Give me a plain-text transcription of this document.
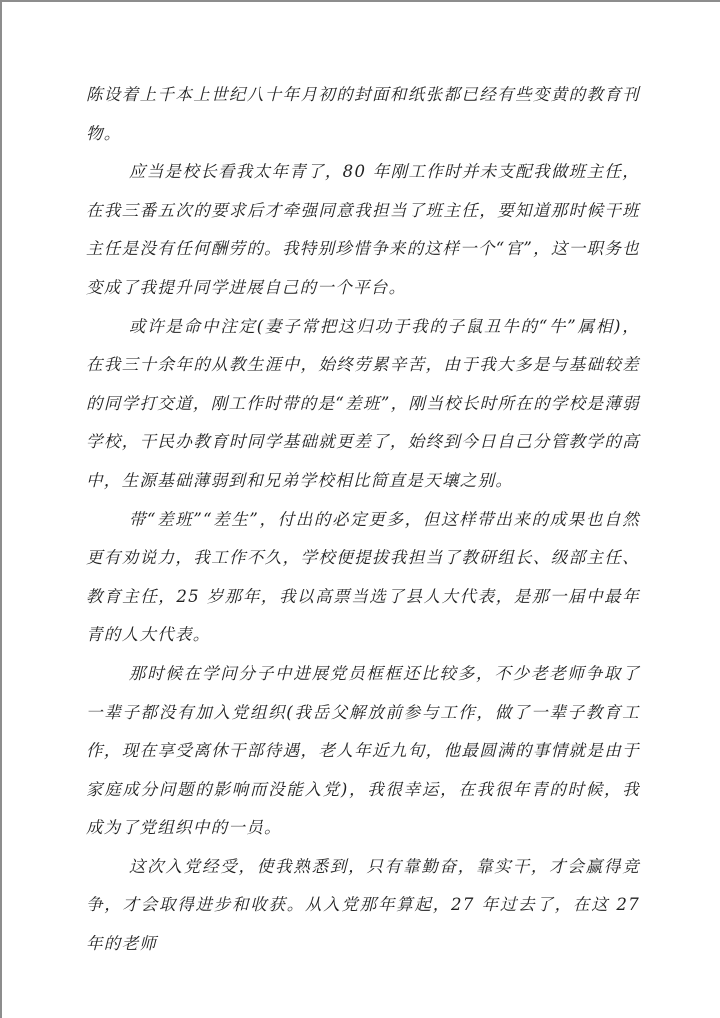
陈设着上千本上世纪八十年月初的封面和纸张都已经有些变黄的教育刊物。

应当是校长看我太年青了，80 年刚工作时并未支配我做班主任，在我三番五次的要求后才牵强同意我担当了班主任，要知道那时候干班主任是没有任何酬劳的。我特别珍惜争来的这样一个“官”，这一职务也变成了我提升同学进展自己的一个平台。

或许是命中注定(妻子常把这归功于我的子鼠丑牛的“牛”属相)，在我三十余年的从教生涯中，始终劳累辛苦，由于我大多是与基础较差的同学打交道，刚工作时带的是“差班”，刚当校长时所在的学校是薄弱学校，干民办教育时同学基础就更差了，始终到今日自己分管教学的高中，生源基础薄弱到和兄弟学校相比简直是天壤之别。

带“差班”“差生”，付出的必定更多，但这样带出来的成果也自然更有劝说力，我工作不久，学校便提拔我担当了教研组长、级部主任、教育主任，25 岁那年，我以高票当选了县人大代表，是那一届中最年青的人大代表。

那时候在学问分子中进展党员框框还比较多，不少老老师争取了一辈子都没有加入党组织(我岳父解放前参与工作，做了一辈子教育工作，现在享受离休干部待遇，老人年近九旬，他最圆满的事情就是由于家庭成分问题的影响而没能入党)，我很幸运，在我很年青的时候，我成为了党组织中的一员。

这次入党经受，使我熟悉到，只有靠勤奋，靠实干，才会赢得竞争，才会取得进步和收获。从入党那年算起，27 年过去了，在这 27 年的老师
